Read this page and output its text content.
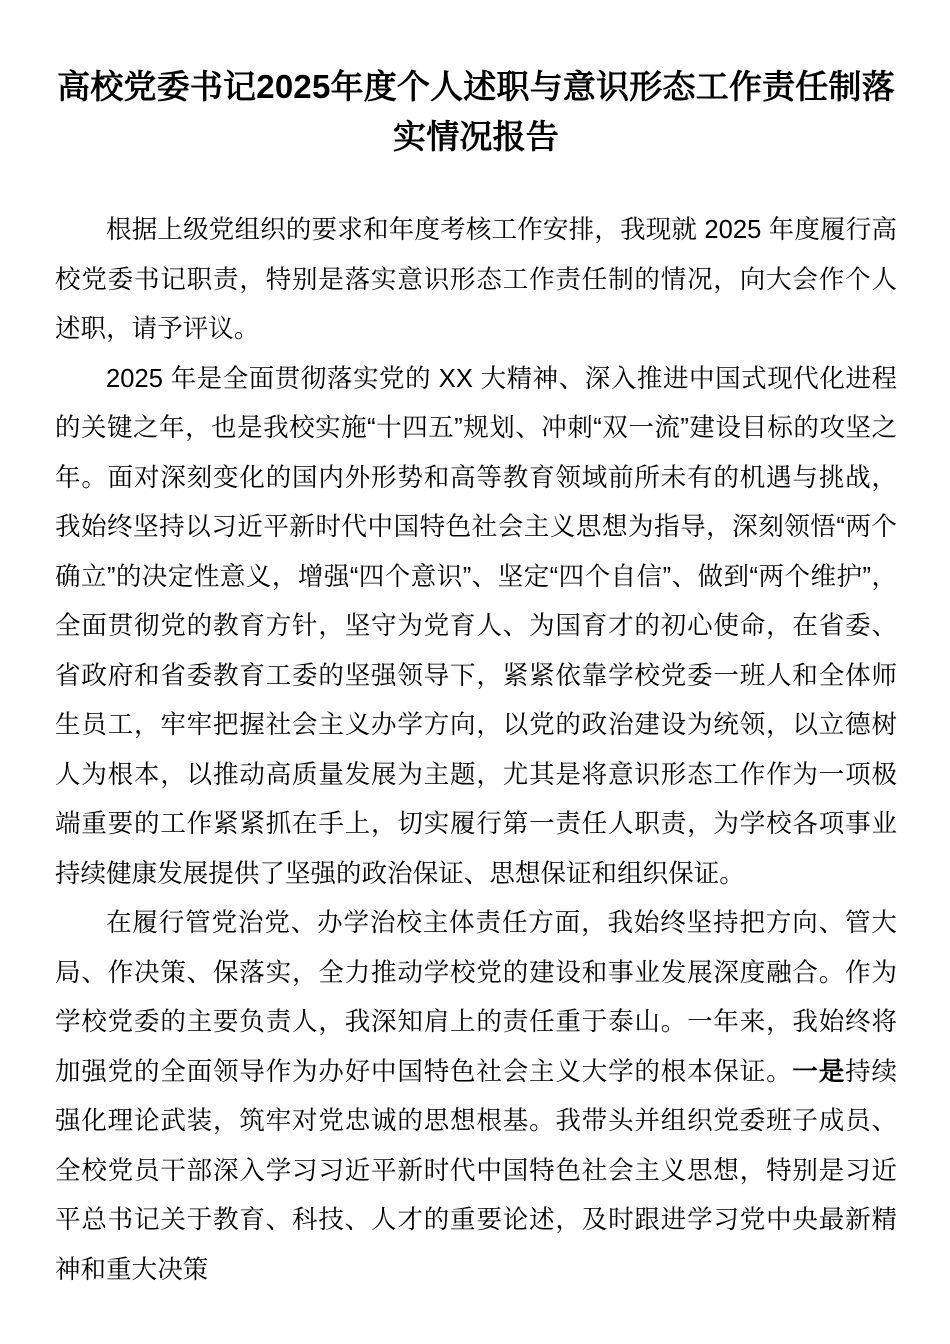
高校党委书记2025年度个人述职与意识形态工作责任制落实情况报告

根据上级党组织的要求和年度考核工作安排，我现就 2025 年度履行高校党委书记职责，特别是落实意识形态工作责任制的情况，向大会作个人述职，请予评议。

2025 年是全面贯彻落实党的 XX 大精神、深入推进中国式现代化进程的关键之年，也是我校实施“十四五”规划、冲刺“双一流”建设目标的攻坚之年。面对深刻变化的国内外形势和高等教育领域前所未有的机遇与挑战，我始终坚持以习近平新时代中国特色社会主义思想为指导，深刻领悟“两个确立”的决定性意义，增强“四个意识”、坚定“四个自信”、做到“两个维护”，全面贯彻党的教育方针，坚守为党育人、为国育才的初心使命，在省委、省政府和省委教育工委的坚强领导下，紧紧依靠学校党委一班人和全体师生员工，牢牢把握社会主义办学方向，以党的政治建设为统领，以立德树人为根本，以推动高质量发展为主题，尤其是将意识形态工作作为一项极端重要的工作紧紧抓在手上，切实履行第一责任人职责，为学校各项事业持续健康发展提供了坚强的政治保证、思想保证和组织保证。

在履行管党治党、办学治校主体责任方面，我始终坚持把方向、管大局、作决策、保落实，全力推动学校党的建设和事业发展深度融合。作为学校党委的主要负责人，我深知肩上的责任重于泰山。一年来，我始终将加强党的全面领导作为办好中国特色社会主义大学的根本保证。一是持续强化理论武装，筑牢对党忠诚的思想根基。我带头并组织党委班子成员、全校党员干部深入学习习近平新时代中国特色社会主义思想，特别是习近平总书记关于教育、科技、人才的重要论述，及时跟进学习党中央最新精神和重大决策
